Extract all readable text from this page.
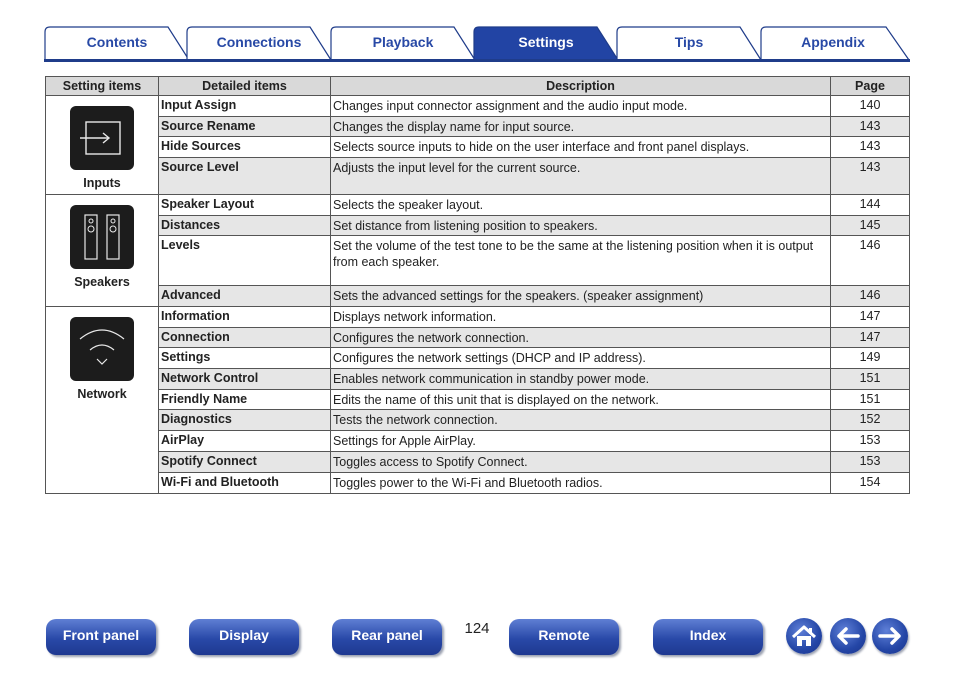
Contents	Connections	Playback	Settings	Tips	Appendix
Setting items	Detailed items	Description	Page

Inputs	Input Assign	Changes input connector assignment and the audio input mode.	140
	Source Rename	Changes the display name for input source.	143
	Hide Sources	Selects source inputs to hide on the user interface and front panel displays.	143
	Source Level	Adjusts the input level for the current source.	143

Speakers	Speaker Layout	Selects the speaker layout.	144
	Distances	Set distance from listening position to speakers.	145
	Levels	Set the volume of the test tone to be the same at the listening position when it is output from each speaker.	146
	Advanced	Sets the advanced settings for the speakers. (speaker assignment)	146

Network	Information	Displays network information.	147
	Connection	Configures the network connection.	147
	Settings	Configures the network settings (DHCP and IP address).	149
	Network Control	Enables network communication in standby power mode.	151
	Friendly Name	Edits the name of this unit that is displayed on the network.	151
	Diagnostics	Tests the network connection.	152
	AirPlay	Settings for Apple AirPlay.	153
	Spotify Connect	Toggles access to Spotify Connect.	153
	Wi-Fi and Bluetooth	Toggles power to the Wi-Fi and Bluetooth radios.	154
Front panel	Display	Rear panel	124	Remote	Index
